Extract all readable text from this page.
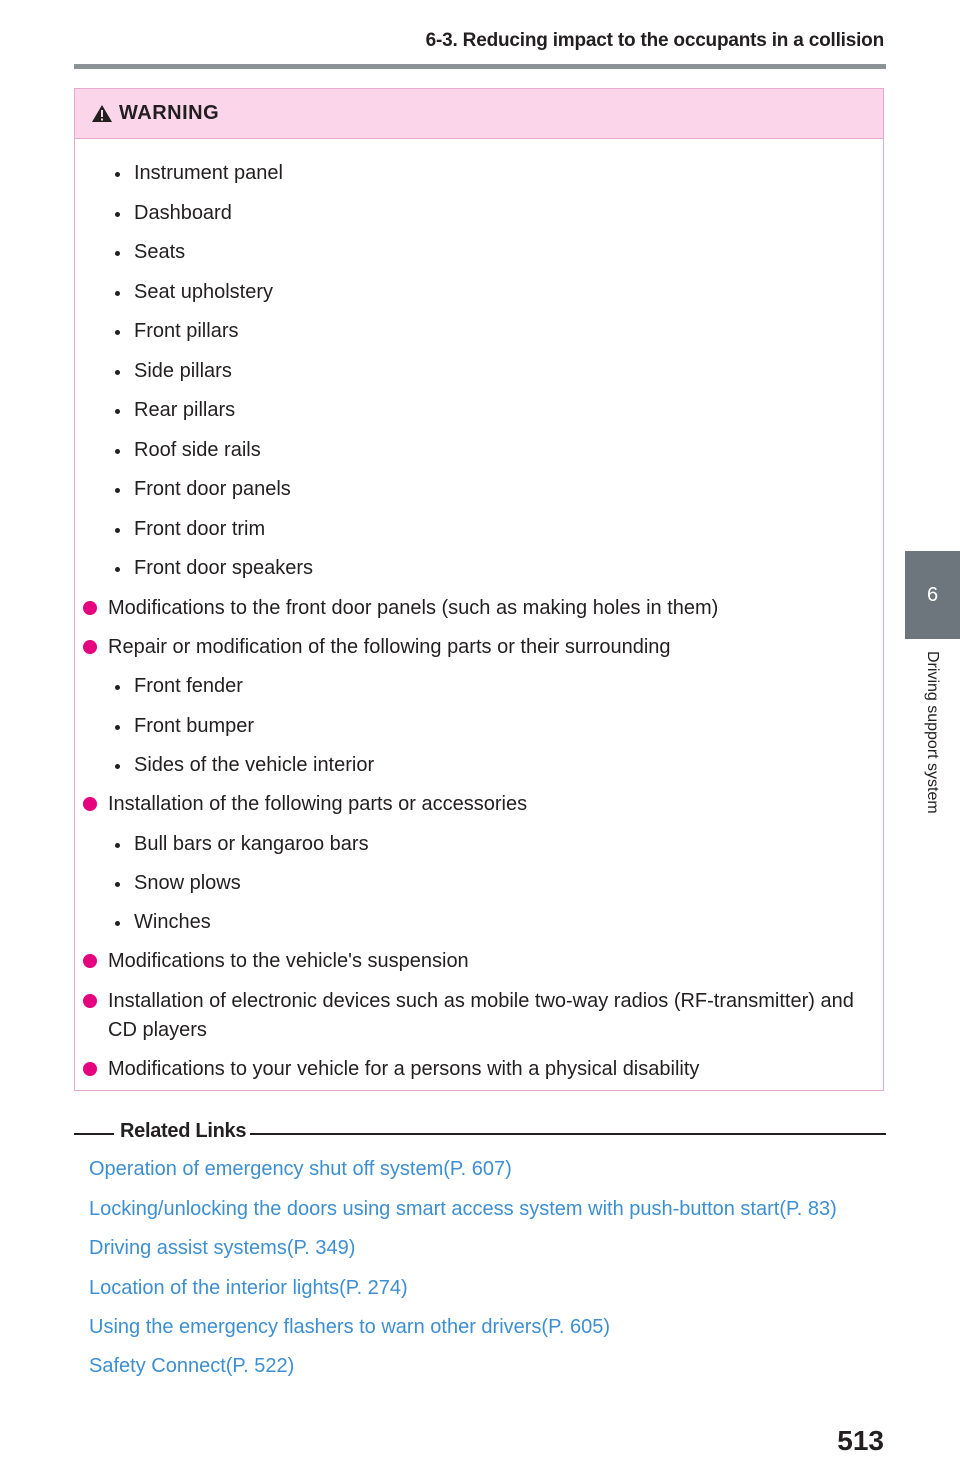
6-3. Reducing impact to the occupants in a collision
6
Driving support system
WARNING
Instrument panel
Dashboard
Seats
Seat upholstery
Front pillars
Side pillars
Rear pillars
Roof side rails
Front door panels
Front door trim
Front door speakers
Modifications to the front door panels (such as making holes in them)
Repair or modification of the following parts or their surrounding
Front fender
Front bumper
Sides of the vehicle interior
Installation of the following parts or accessories
Bull bars or kangaroo bars
Snow plows
Winches
Modifications to the vehicle's suspension
Installation of electronic devices such as mobile two-way radios (RF-transmitter) and CD players
Modifications to your vehicle for a persons with a physical disability
Related Links
Operation of emergency shut off system(P. 607)
Locking/unlocking the doors using smart access system with push-button start(P. 83)
Driving assist systems(P. 349)
Location of the interior lights(P. 274)
Using the emergency flashers to warn other drivers(P. 605)
Safety Connect(P. 522)
513
